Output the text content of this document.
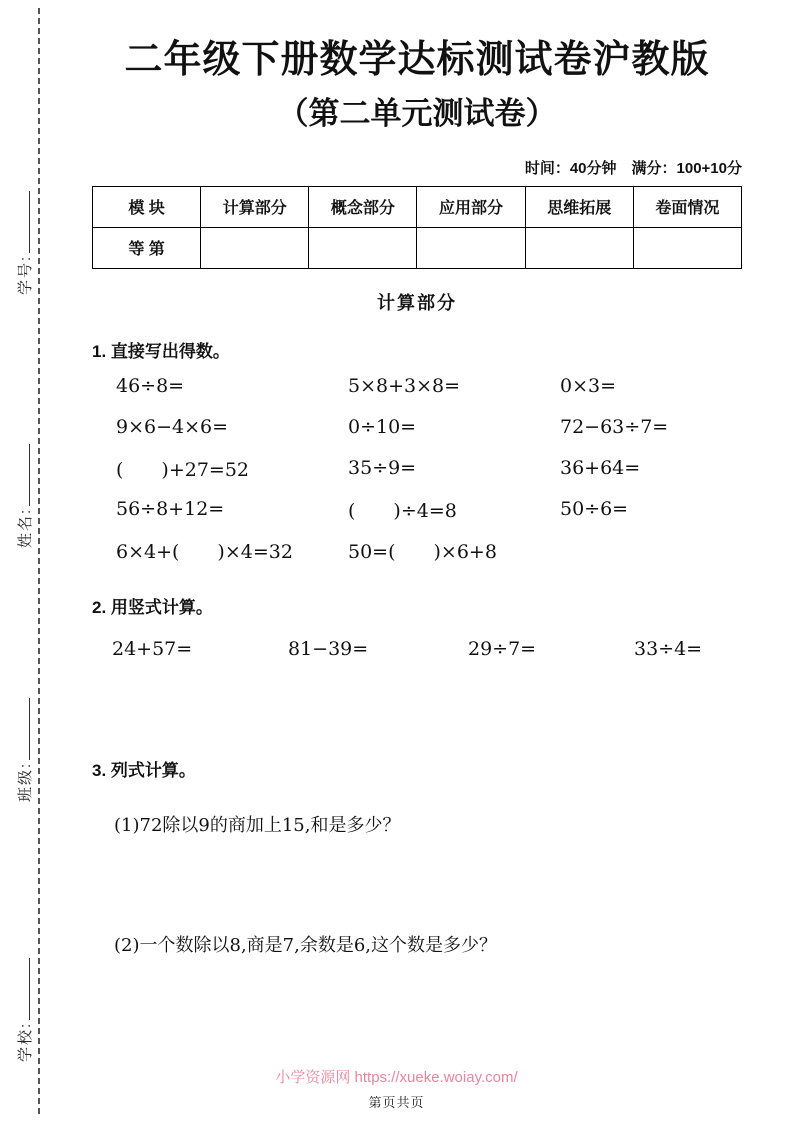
学号:
姓名:
班级:
学校:
二年级下册数学达标测试卷沪教版
（第二单元测试卷）
时间：40分钟　满分：100+10分
模 块	计算部分	概念部分	应用部分	思维拓展	卷面情况
等 第					
计算部分
1. 直接写出得数。
46÷8=	5×8+3×8=	0×3=
9×6−4×6=	0÷10=	72−63÷7=
(　　)+27=52	35÷9=	36+64=
56÷8+12=	(　　)÷4=8	50÷6=
6×4+(　　)×4=32	50=(　　)×6+8
2. 用竖式计算。
24+57=	81−39=	29÷7=	33÷4=
3. 列式计算。
(1)72除以9的商加上15,和是多少？
(2)一个数除以8,商是7,余数是6,这个数是多少？
小学资源网 https://xueke.woiay.com/
第页共页
